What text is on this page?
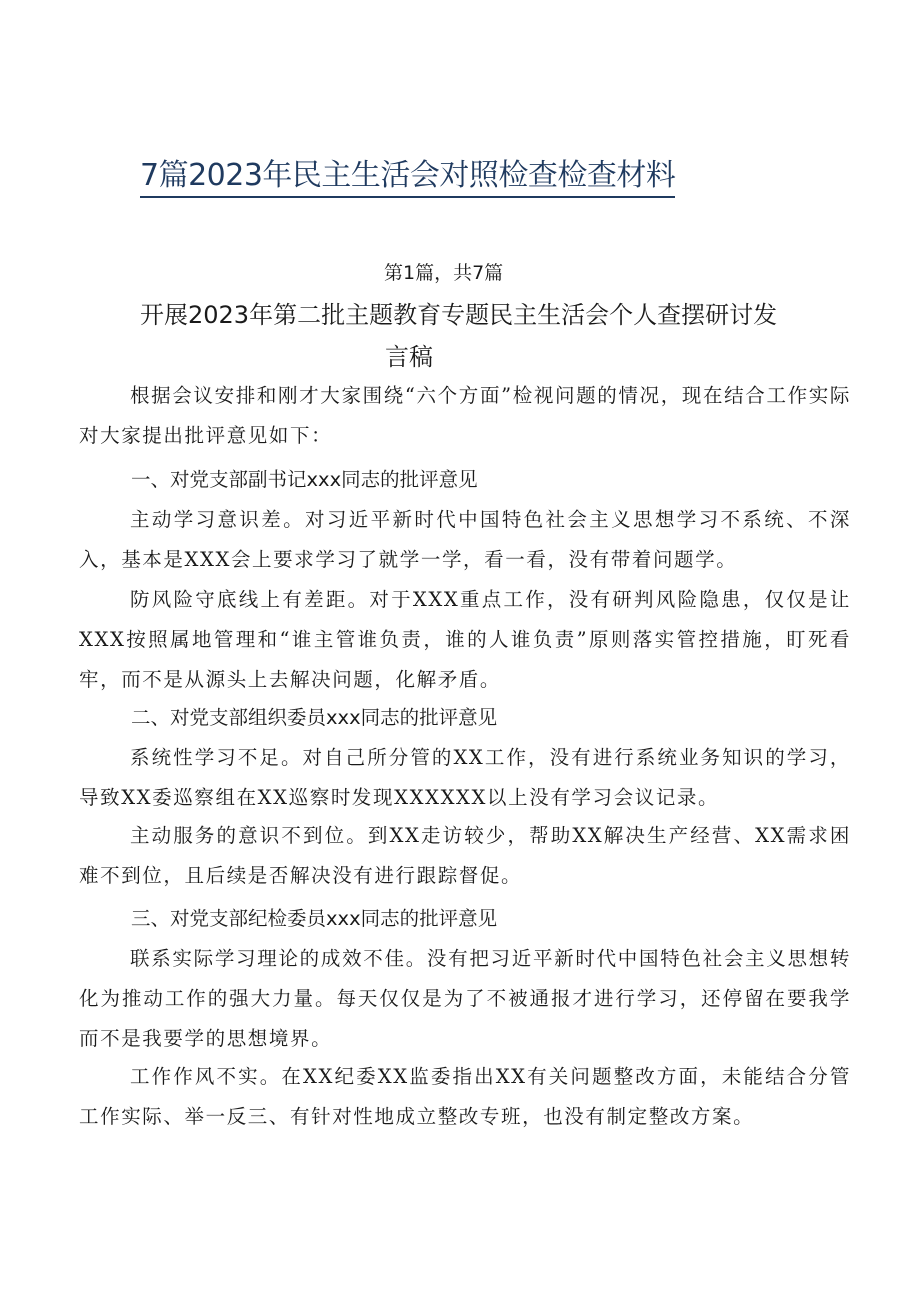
7篇2023年民主生活会对照检查检查材料
第1篇，共7篇
开展2023年第二批主题教育专题民主生活会个人查摆研讨发
言稿

根据会议安排和刚才大家围绕“六个方面”检视问题的情况，现在结合工作实际对大家提出批评意见如下：

一、对党支部副书记xxx同志的批评意见

主动学习意识差。对习近平新时代中国特色社会主义思想学习不系统、不深入，基本是XXX会上要求学习了就学一学，看一看，没有带着问题学。

防风险守底线上有差距。对于XXX重点工作，没有研判风险隐患，仅仅是让XXX按照属地管理和“谁主管谁负责，谁的人谁负责”原则落实管控措施，盯死看牢，而不是从源头上去解决问题，化解矛盾。

二、对党支部组织委员xxx同志的批评意见

系统性学习不足。对自己所分管的XX工作，没有进行系统业务知识的学习，导致XX委巡察组在XX巡察时发现XXXXXX以上没有学习会议记录。

主动服务的意识不到位。到XX走访较少，帮助XX解决生产经营、XX需求困难不到位，且后续是否解决没有进行跟踪督促。

三、对党支部纪检委员xxx同志的批评意见

联系实际学习理论的成效不佳。没有把习近平新时代中国特色社会主义思想转化为推动工作的强大力量。每天仅仅是为了不被通报才进行学习，还停留在要我学而不是我要学的思想境界。

工作作风不实。在XX纪委XX监委指出XX有关问题整改方面，未能结合分管工作实际、举一反三、有针对性地成立整改专班，也没有制定整改方案。
